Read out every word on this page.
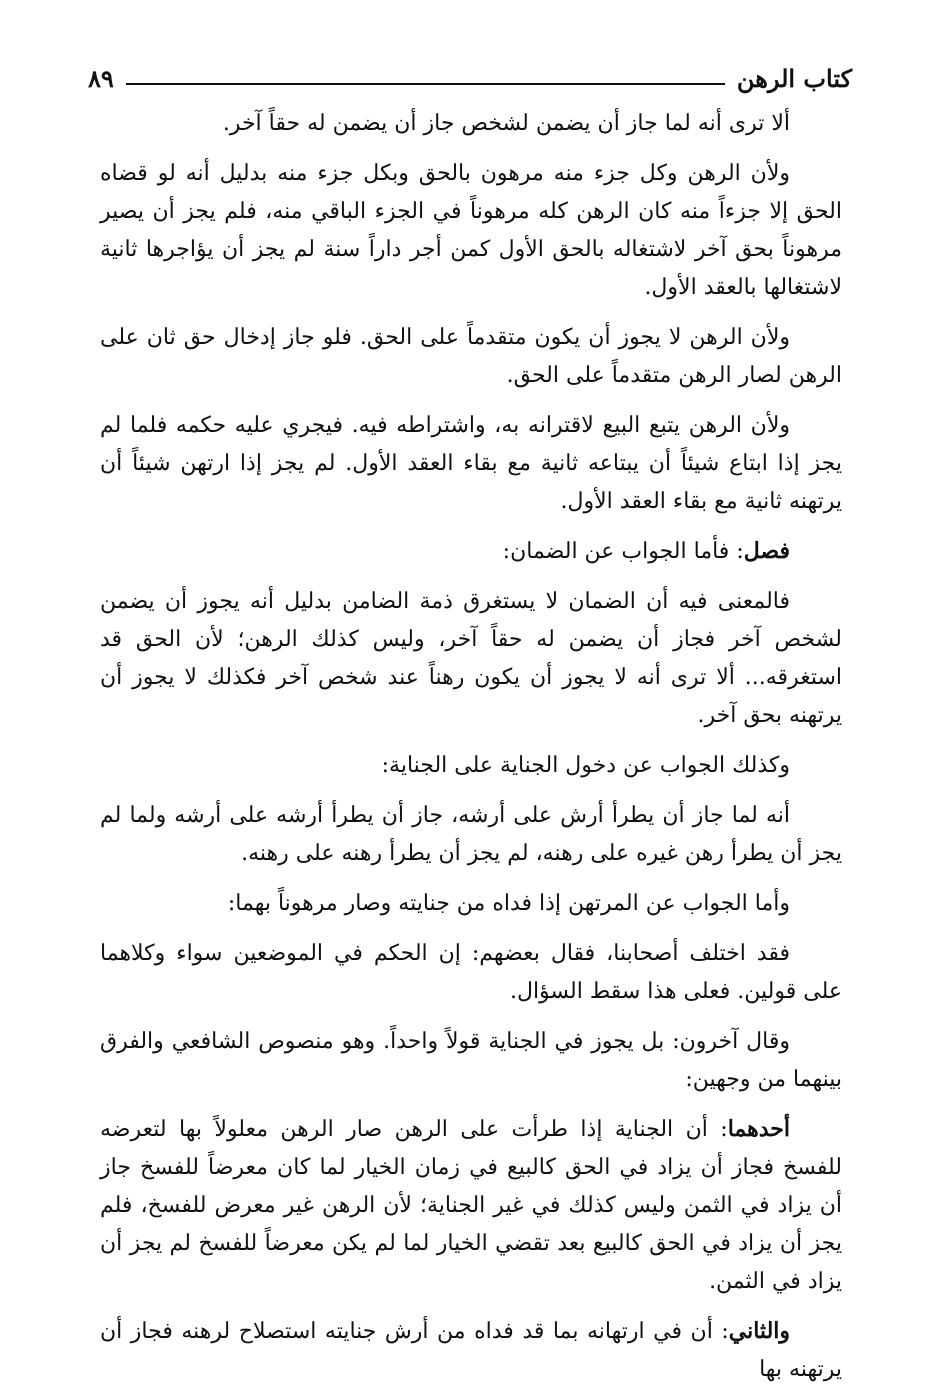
٨٩	كتاب الرهن

ألا ترى أنه لما جاز أن يضمن لشخص جاز أن يضمن له حقاً آخر.

ولأن الرهن وكل جزء منه مرهون بالحق وبكل جزء منه بدليل أنه لو قضاه الحق إلا جزءاً منه كان الرهن كله مرهوناً في الجزء الباقي منه، فلم يجز أن يصير مرهوناً بحق آخر لاشتغاله بالحق الأول كمن أجر داراً سنة لم يجز أن يؤاجرها ثانية لاشتغالها بالعقد الأول.

ولأن الرهن لا يجوز أن يكون متقدماً على الحق. فلو جاز إدخال حق ثان على الرهن لصار الرهن متقدماً على الحق.

ولأن الرهن يتبع البيع لاقترانه به، واشتراطه فيه. فيجري عليه حكمه فلما لم يجز إذا ابتاع شيئاً أن يبتاعه ثانية مع بقاء العقد الأول. لم يجز إذا ارتهن شيئاً أن يرتهنه ثانية مع بقاء العقد الأول.

فصل: فأما الجواب عن الضمان:

فالمعنى فيه أن الضمان لا يستغرق ذمة الضامن بدليل أنه يجوز أن يضمن لشخص آخر فجاز أن يضمن له حقاً آخر، وليس كذلك الرهن؛ لأن الحق قد استغرقه... ألا ترى أنه لا يجوز أن يكون رهناً عند شخص آخر فكذلك لا يجوز أن يرتهنه بحق آخر.

وكذلك الجواب عن دخول الجناية على الجناية:

أنه لما جاز أن يطرأ أرش على أرشه، جاز أن يطرأ أرشه على أرشه ولما لم يجز أن يطرأ رهن غيره على رهنه، لم يجز أن يطرأ رهنه على رهنه.

وأما الجواب عن المرتهن إذا فداه من جنايته وصار مرهوناً بهما:

فقد اختلف أصحابنا، فقال بعضهم: إن الحكم في الموضعين سواء وكلاهما على قولين. فعلى هذا سقط السؤال.

وقال آخرون: بل يجوز في الجناية قولاً واحداً. وهو منصوص الشافعي والفرق بينهما من وجهين:

أحدهما: أن الجناية إذا طرأت على الرهن صار الرهن معلولاً بها لتعرضه للفسخ فجاز أن يزاد في الحق كالبيع في زمان الخيار لما كان معرضاً للفسخ جاز أن يزاد في الثمن وليس كذلك في غير الجناية؛ لأن الرهن غير معرض للفسخ، فلم يجز أن يزاد في الحق كالبيع بعد تقضي الخيار لما لم يكن معرضاً للفسخ لم يجز أن يزاد في الثمن.

والثاني: أن في ارتهانه بما قد فداه من أرش جنايته استصلاح لرهنه فجاز أن يرتهنه بها
